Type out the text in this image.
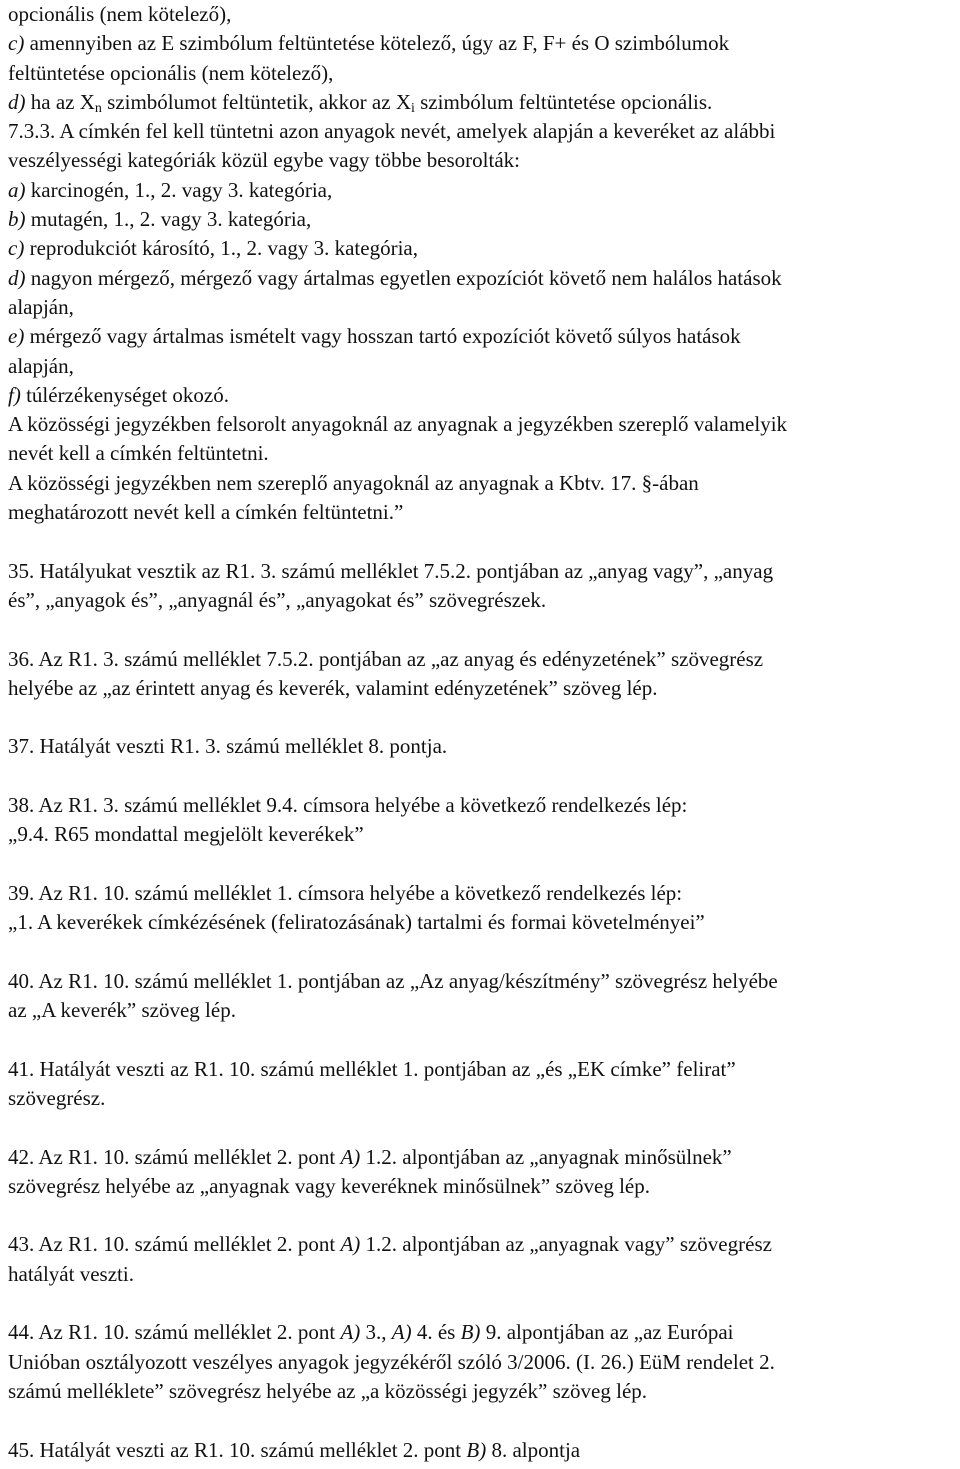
opcionális (nem kötelező),
c) amennyiben az E szimbólum feltüntetése kötelező, úgy az F, F+ és O szimbólumok
feltüntetése opcionális (nem kötelező),
d) ha az $X_n$ szimbólumot feltüntetik, akkor az $X_i$ szimbólum feltüntetése opcionális.
7.3.3. A címkén fel kell tüntetni azon anyagok nevét, amelyek alapján a keveréket az alábbi
veszélyességi kategóriák közül egybe vagy többe besorolták:
a) karcinogén, 1., 2. vagy 3. kategória,
b) mutagén, 1., 2. vagy 3. kategória,
c) reprodukciót károsító, 1., 2. vagy 3. kategória,
d) nagyon mérgező, mérgező vagy ártalmas egyetlen expozíciót követő nem halálos hatások
alapján,
e) mérgező vagy ártalmas ismételt vagy hosszan tartó expozíciót követő súlyos hatások
alapján,
f) túlérzékenységet okozó.
A közösségi jegyzékben felsorolt anyagoknál az anyagnak a jegyzékben szereplő valamelyik
nevét kell a címkén feltüntetni.
A közösségi jegyzékben nem szereplő anyagoknál az anyagnak a Kbtv. 17. §-ában
meghatározott nevét kell a címkén feltüntetni.”
35. Hatályukat vesztik az R1. 3. számú melléklet 7.5.2. pontjában az „anyag vagy”, „anyag
és”, „anyagok és”, „anyagnál és”, „anyagokat és” szövegrészek.
36. Az R1. 3. számú melléklet 7.5.2. pontjában az „az anyag és edényzetének” szövegrész
helyébe az „az érintett anyag és keverék, valamint edényzetének” szöveg lép.
37. Hatályát veszti R1. 3. számú melléklet 8. pontja.
38. Az R1. 3. számú melléklet 9.4. címsora helyébe a következő rendelkezés lép:
„9.4. R65 mondattal megjelölt keverékek”
39. Az R1. 10. számú melléklet 1. címsora helyébe a következő rendelkezés lép:
„1. A keverékek címkézésének (feliratozásának) tartalmi és formai követelményei”
40. Az R1. 10. számú melléklet 1. pontjában az „Az anyag/készítmény” szövegrész helyébe
az „A keverék” szöveg lép.
41. Hatályát veszti az R1. 10. számú melléklet 1. pontjában az „és „EK címke” felirat”
szövegrész.
42. Az R1. 10. számú melléklet 2. pont A) 1.2. alpontjában az „anyagnak minősülnek”
szövegrész helyébe az „anyagnak vagy keveréknek minősülnek” szöveg lép.
43. Az R1. 10. számú melléklet 2. pont A) 1.2. alpontjában az „anyagnak vagy” szövegrész
hatályát veszti.
44. Az R1. 10. számú melléklet 2. pont A) 3., A) 4. és B) 9. alpontjában az „az Európai
Unióban osztályozott veszélyes anyagok jegyzékéről szóló 3/2006. (I. 26.) EüM rendelet 2.
számú melléklete” szövegrész helyébe az „a közösségi jegyzék” szöveg lép.
45. Hatályát veszti az R1. 10. számú melléklet 2. pont B) 8. alpontja
